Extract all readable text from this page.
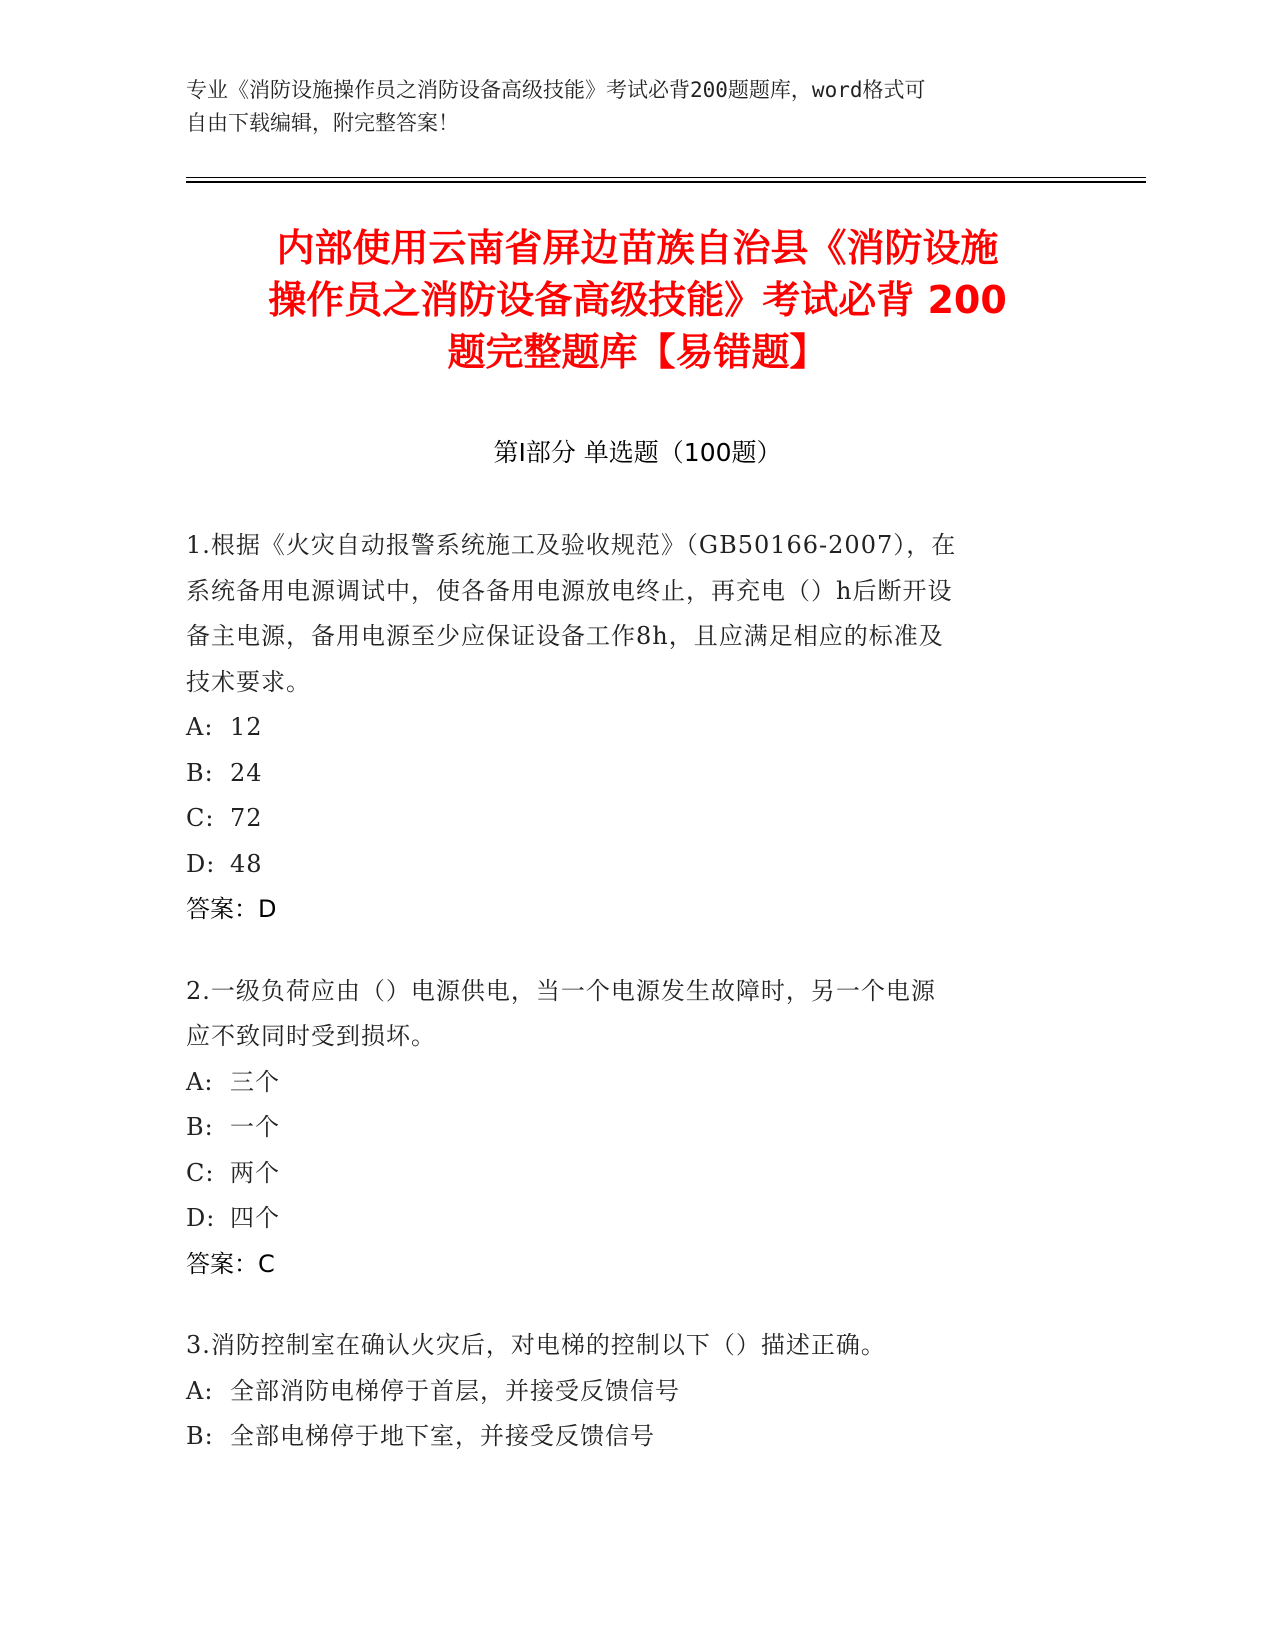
专业《消防设施操作员之消防设备高级技能》考试必背200题题库，word格式可
自由下载编辑，附完整答案！
内部使用云南省屏边苗族自治县《消防设施
操作员之消防设备高级技能》考试必背 200
题完整题库【易错题】
第Ⅰ部分 单选题（100题）
1.根据《火灾自动报警系统施工及验收规范》（GB50166-2007），在
系统备用电源调试中，使各备用电源放电终止，再充电（）h后断开设
备主电源，备用电源至少应保证设备工作8h，且应满足相应的标准及
技术要求。
A: 12
B: 24
C: 72
D: 48
答案：D
2.一级负荷应由（）电源供电，当一个电源发生故障时，另一个电源
应不致同时受到损坏。
A: 三个
B: 一个
C: 两个
D: 四个
答案：C
3.消防控制室在确认火灾后，对电梯的控制以下（）描述正确。
A: 全部消防电梯停于首层，并接受反馈信号
B: 全部电梯停于地下室，并接受反馈信号
